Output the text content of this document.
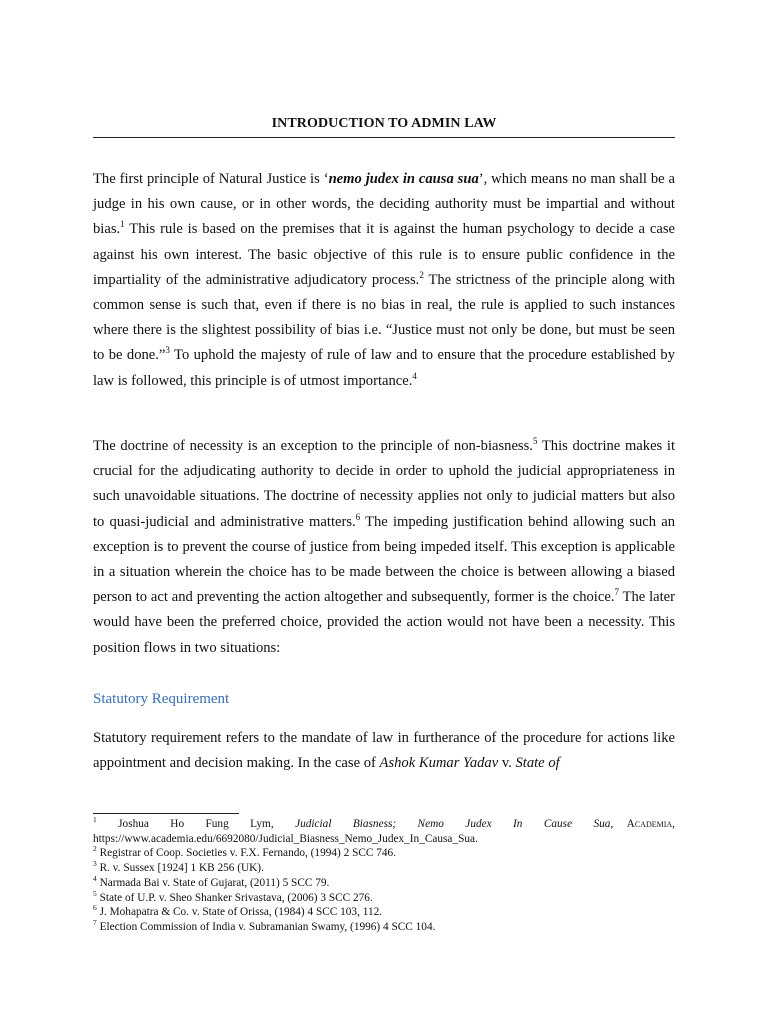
INTRODUCTION TO ADMIN LAW

The first principle of Natural Justice is ‘nemo judex in causa sua’, which means no man shall be a judge in his own cause, or in other words, the deciding authority must be impartial and without bias.$^1$ This rule is based on the premises that it is against the human psychology to decide a case against his own interest. The basic objective of this rule is to ensure public confidence in the impartiality of the administrative adjudicatory process.$^2$ The strictness of the principle along with common sense is such that, even if there is no bias in real, the rule is applied to such instances where there is the slightest possibility of bias i.e. “Justice must not only be done, but must be seen to be done.”$^3$ To uphold the majesty of rule of law and to ensure that the procedure established by law is followed, this principle is of utmost importance.$^4$

The doctrine of necessity is an exception to the principle of non-biasness.$^5$ This doctrine makes it crucial for the adjudicating authority to decide in order to uphold the judicial appropriateness in such unavoidable situations. The doctrine of necessity applies not only to judicial matters but also to quasi-judicial and administrative matters.$^6$ The impeding justification behind allowing such an exception is to prevent the course of justice from being impeded itself. This exception is applicable in a situation wherein the choice has to be made between the choice is between allowing a biased person to act and preventing the action altogether and subsequently, former is the choice.$^7$ The later would have been the preferred choice, provided the action would not have been a necessity. This position flows in two situations:

Statutory Requirement

Statutory requirement refers to the mandate of law in furtherance of the procedure for actions like appointment and decision making. In the case of Ashok Kumar Yadav v. State of

$^1$ Joshua Ho Fung Lym, Judicial Biasness; Nemo Judex In Cause Sua, Academia, https://www.academia.edu/6692080/Judicial_Biasness_Nemo_Judex_In_Causa_Sua.

$^2$ Registrar of Coop. Societies v. F.X. Fernando, (1994) 2 SCC 746.

$^3$ R. v. Sussex [1924] 1 KB 256 (UK).

$^4$ Narmada Bai v. State of Gujarat, (2011) 5 SCC 79.

$^5$ State of U.P. v. Sheo Shanker Srivastava, (2006) 3 SCC 276.

$^6$ J. Mohapatra & Co. v. State of Orissa, (1984) 4 SCC 103, 112.

$^7$ Election Commission of India v. Subramanian Swamy, (1996) 4 SCC 104.
